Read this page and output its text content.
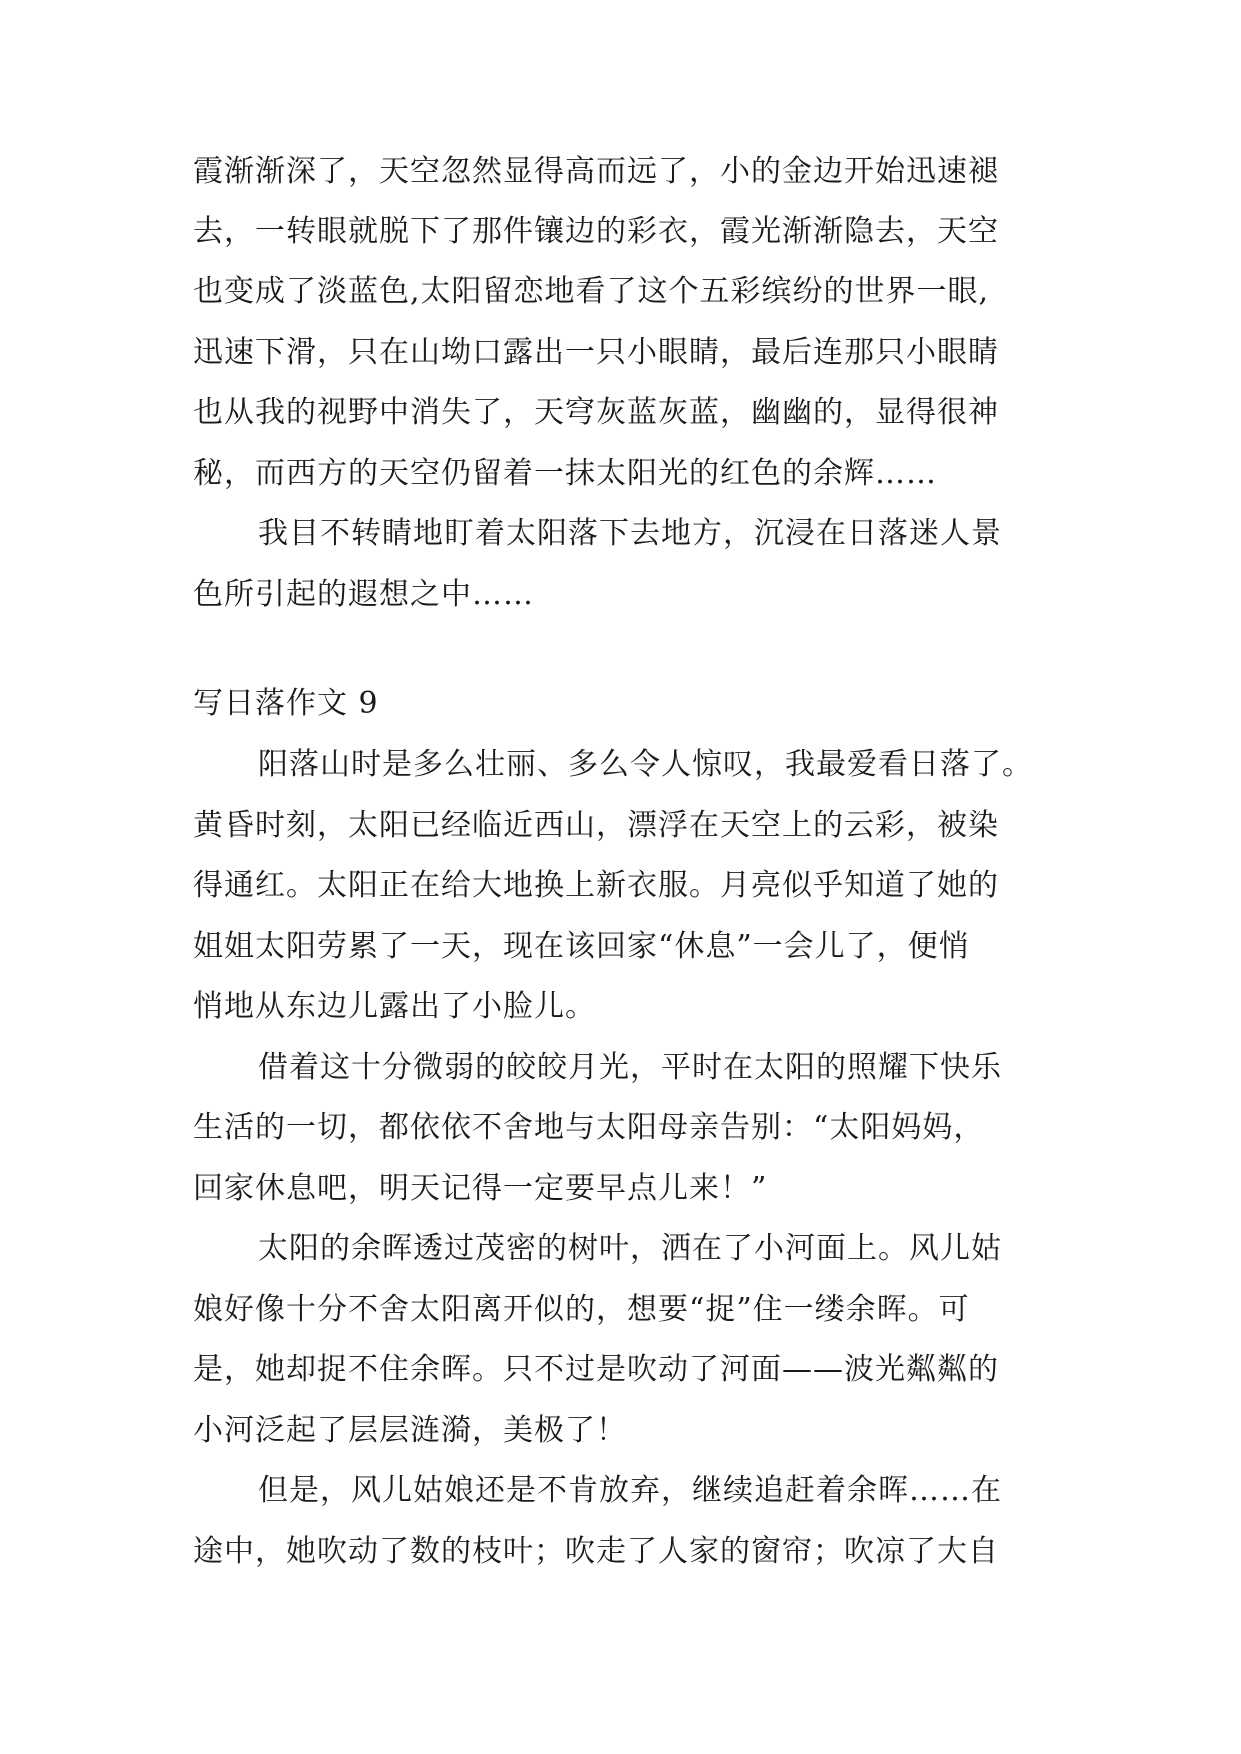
霞渐渐深了，天空忽然显得高而远了，小的金边开始迅速褪
去，一转眼就脱下了那件镶边的彩衣，霞光渐渐隐去，天空
也变成了淡蓝色,太阳留恋地看了这个五彩缤纷的世界一眼,
迅速下滑，只在山坳口露出一只小眼睛，最后连那只小眼睛
也从我的视野中消失了，天穹灰蓝灰蓝，幽幽的，显得很神
秘，而西方的天空仍留着一抹太阳光的红色的余辉……
我目不转睛地盯着太阳落下去地方，沉浸在日落迷人景
色所引起的遐想之中……
写日落作文 9
阳落山时是多么壮丽、多么令人惊叹，我最爱看日落了。
黄昏时刻，太阳已经临近西山，漂浮在天空上的云彩，被染
得通红。太阳正在给大地换上新衣服。月亮似乎知道了她的
姐姐太阳劳累了一天，现在该回家“休息”一会儿了，便悄
悄地从东边儿露出了小脸儿。
借着这十分微弱的皎皎月光，平时在太阳的照耀下快乐
生活的一切，都依依不舍地与太阳母亲告别：“太阳妈妈，
回家休息吧，明天记得一定要早点儿来！”
太阳的余晖透过茂密的树叶，洒在了小河面上。风儿姑
娘好像十分不舍太阳离开似的，想要“捉”住一缕余晖。可
是，她却捉不住余晖。只不过是吹动了河面——波光粼粼的
小河泛起了层层涟漪，美极了！
但是，风儿姑娘还是不肯放弃，继续追赶着余晖……在
途中，她吹动了数的枝叶；吹走了人家的窗帘；吹凉了大自
